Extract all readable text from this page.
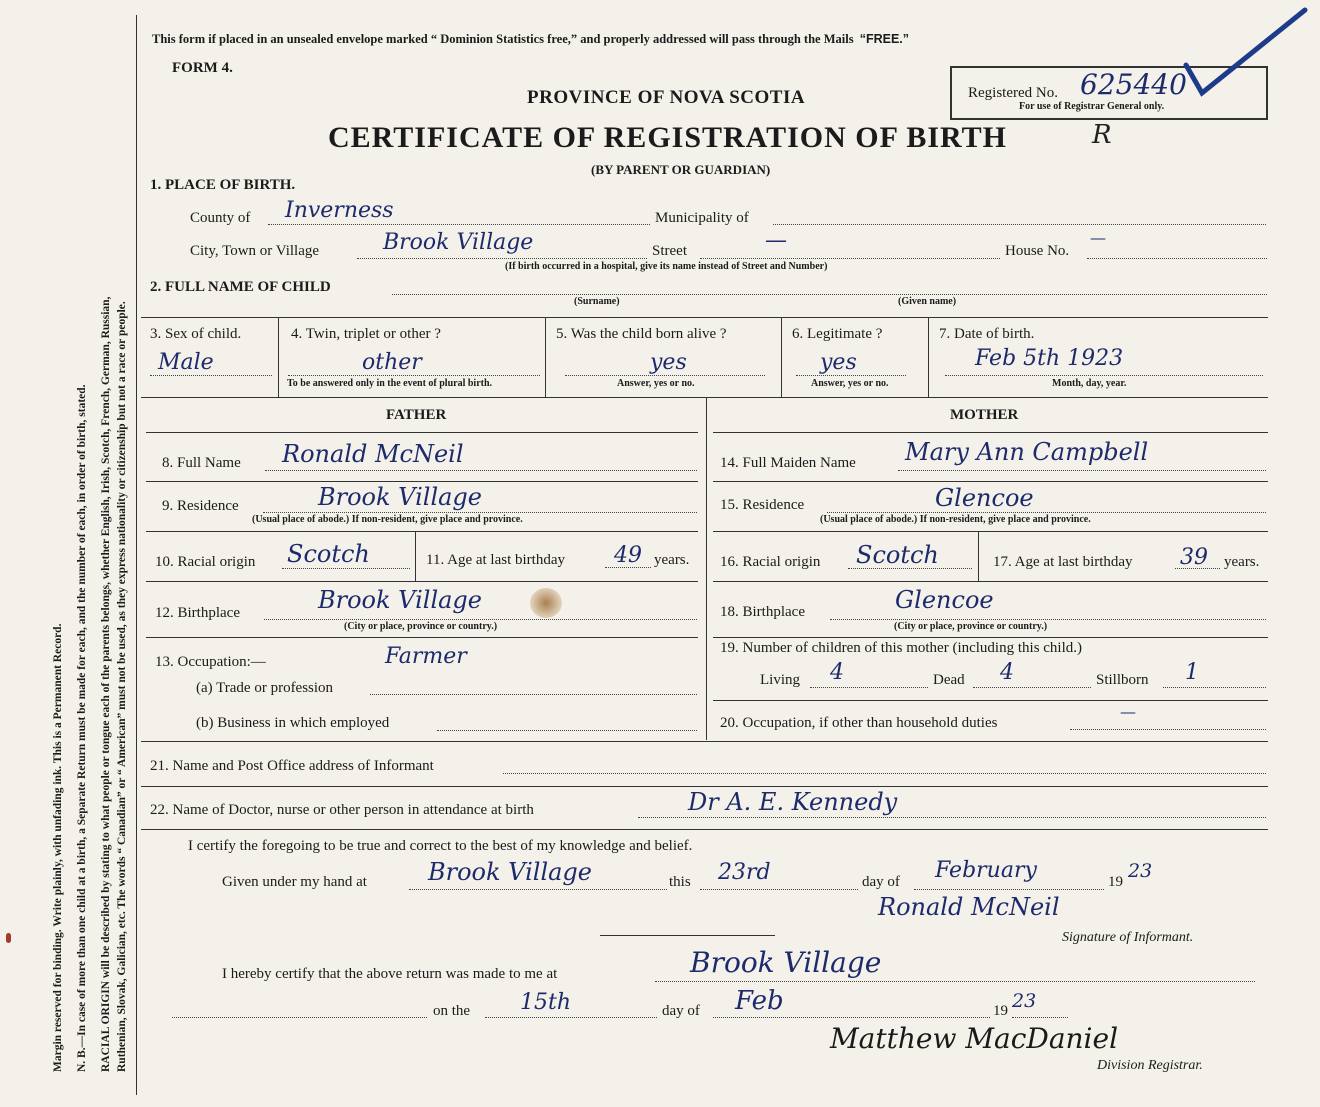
Margin reserved for binding. Write plainly, with unfading ink. This is a Permanent Record. N. B.—In case of more than one child at a birth, a Separate Return must be made for each, and the number of each, in order of birth, stated. RACIAL ORIGIN will be described by stating to what people or tongue each of the parents belongs, whether English, Irish, Scotch, French, German, Russian, Ruthenian, Slovak, Galician, etc. The words “ Canadian” or “ American” must not be used, as they express nationality or citizenship but not a race or people.
This form if placed in an unsealed envelope marked “ Dominion Statistics free,” and properly addressed will pass through the Mails “FREE.”
FORM 4.
PROVINCE OF NOVA SCOTIA
CERTIFICATE OF REGISTRATION OF BIRTH	R
(BY PARENT OR GUARDIAN)
Registered No. 625440
For use of Registrar General only.
1. PLACE OF BIRTH.
County of Inverness	Municipality of
City, Town or Village	Brook Village	Street	—	House No.
—
(If birth occurred in a hospital, give its name instead of Street and Number)
2. FULL NAME OF CHILD
(Surname)	(Given name)
3. Sex of child.
Male
4. Twin, triplet or other ?
other
To be answered only in the event of plural birth.
5. Was the child born alive ?
yes
Answer, yes or no.
6. Legitimate ?
yes
Answer, yes or no.
7. Date of birth.
Feb 5th 1923
Month, day, year.
FATHER	MOTHER
8. Full Name Ronald McNeil
9. Residence	Brook Village
(Usual place of abode.) If non-resident, give place and province.
10. Racial origin Scotch	11. Age at last birthday 49 years.
12. Birthplace	Brook Village
(City or place, province or country.)
13. Occupation:—	Farmer
(a) Trade or profession
(b) Business in which employed
14. Full Maiden Name Mary Ann Campbell
15. Residence	Glencoe
(Usual place of abode.) If non-resident, give place and province.
16. Racial origin Scotch	17. Age at last birthday 39 years.
18. Birthplace	Glencoe
(City or place, province or country.)
19. Number of children of this mother (including this child.)
Living 4	Dead 4	Stillborn 1
20. Occupation, if other than household duties
—
21. Name and Post Office address of Informant
22. Name of Doctor, nurse or other person in attendance at birth	Dr A. E. Kennedy
I certify the foregoing to be true and correct to the best of my knowledge and belief.
Given under my hand at	Brook Village	this 23rd	day of February	19 23
Ronald McNeil
Signature of Informant.
I hereby certify that the above return was made to me at	Brook Village
on the 15th	day of Feb	19 23
Matthew MacDaniel
Division Registrar.
